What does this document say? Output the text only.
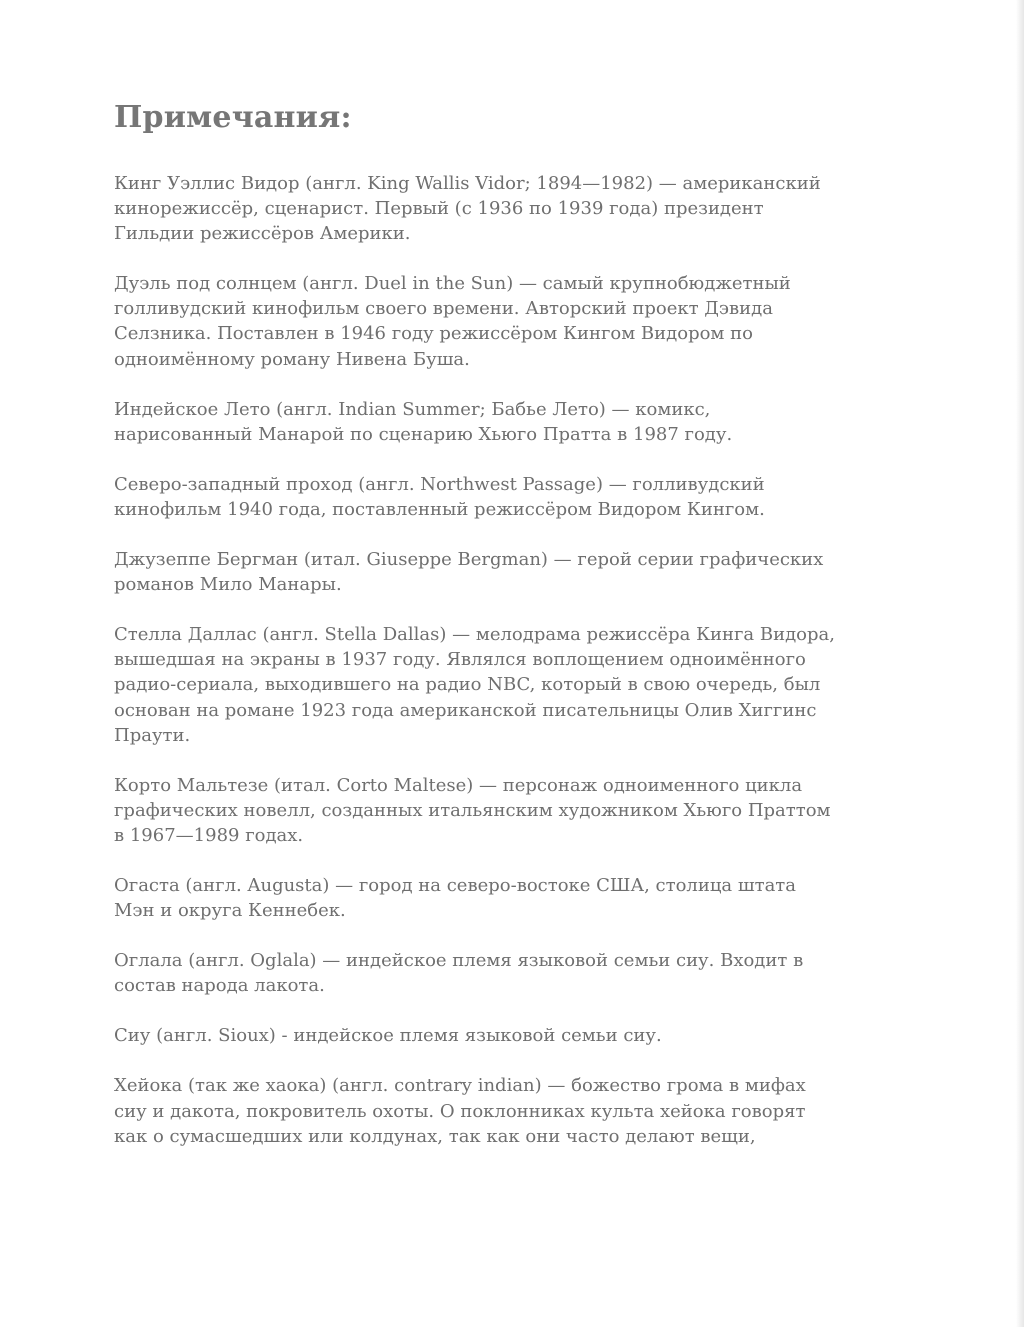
Примечания:

Кинг Уэллис Видор (англ. King Wallis Vidor; 1894—1982) — американский
кинорежиссёр, сценарист. Первый (с 1936 по 1939 года) президент
Гильдии режиссёров Америки.

Дуэль под солнцем (англ. Duel in the Sun) — самый крупнобюджетный
голливудский кинофильм своего времени. Авторский проект Дэвида
Селзника. Поставлен в 1946 году режиссёром Кингом Видором по
одноимённому роману Нивена Буша.

Индейское Лето (англ. Indian Summer; Бабье Лето) — комикс,
нарисованный Манарой по сценарию Хьюго Пратта в 1987 году.

Северо-западный проход (англ. Northwest Passage) — голливудский
кинофильм 1940 года, поставленный режиссёром Видором Кингом.

Джузеппе Бергман (итал. Giuseppe Bergman) — герой серии графических
романов Мило Манары.

Стелла Даллас (англ. Stella Dallas) — мелодрама режиссёра Кинга Видора,
вышедшая на экраны в 1937 году. Являлся воплощением одноимённого
радио-сериала, выходившего на радио NBC, который в свою очередь, был
основан на романе 1923 года американской писательницы Олив Хиггинс
Праути.

Корто Мальтезе (итал. Corto Maltese) — персонаж одноименного цикла
графических новелл, созданных итальянским художником Хьюго Праттом
в 1967—1989 годах.

Огаста (англ. Augusta) — город на северо-востоке США, столица штата
Мэн и округа Кеннебек.

Оглала (англ. Oglala) — индейское племя языковой семьи сиу. Входит в
состав народа лакота.

Сиу (англ. Sioux) - индейское племя языковой семьи сиу.

Хейока (так же хаока) (англ. contrary indian) — божество грома в мифах
сиу и дакота, покровитель охоты. О поклонниках культа хейока говорят
как о сумасшедших или колдунах, так как они часто делают вещи,
